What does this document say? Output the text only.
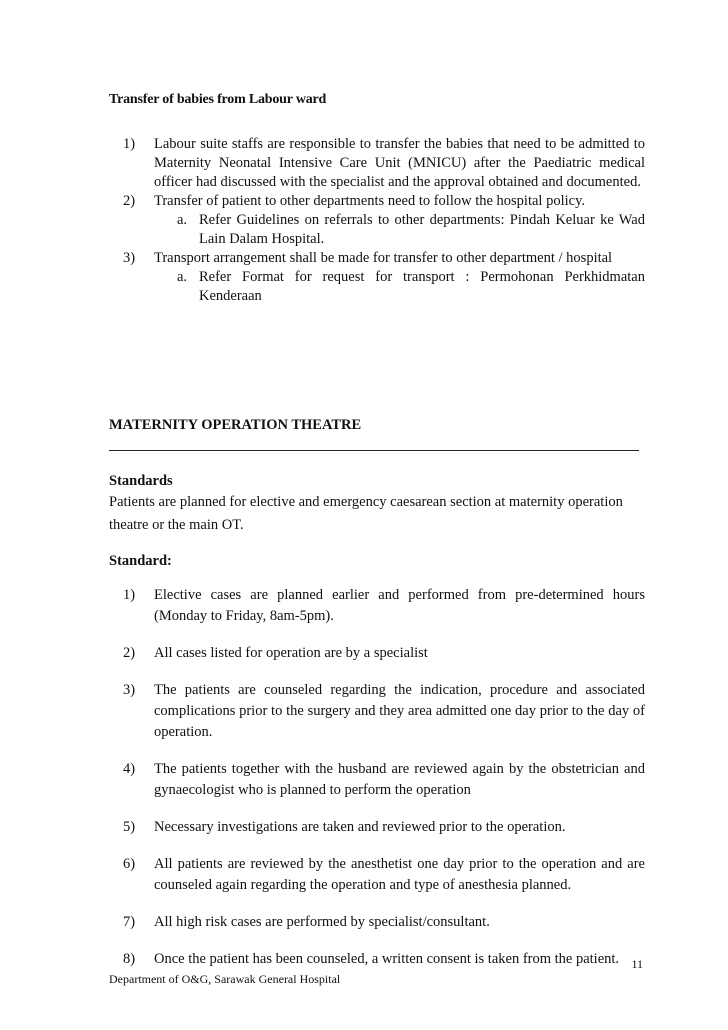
Transfer of babies from Labour ward
1) Labour suite staffs are responsible to transfer the babies that need to be admitted to Maternity Neonatal Intensive Care Unit (MNICU) after the Paediatric medical officer had discussed with the specialist and the approval obtained and documented.
2) Transfer of patient to other departments need to follow the hospital policy.
a. Refer Guidelines on referrals to other departments: Pindah Keluar ke Wad Lain Dalam Hospital.
3) Transport arrangement shall be made for transfer to other department / hospital
a. Refer Format for request for transport : Permohonan Perkhidmatan Kenderaan
MATERNITY OPERATION THEATRE
Standards
Patients are planned for elective and emergency caesarean section at maternity operation theatre or the main OT.
Standard:
1) Elective cases are planned earlier and performed from pre-determined hours (Monday to Friday, 8am-5pm).
2) All cases listed for operation are by a specialist
3) The patients are counseled regarding the indication, procedure and associated complications prior to the surgery and they area admitted one day prior to the day of operation.
4) The patients together with the husband are reviewed again by the obstetrician and gynaecologist who is planned to perform the operation
5) Necessary investigations are taken and reviewed prior to the operation.
6) All patients are reviewed by the anesthetist one day prior to the operation and are counseled again regarding the operation and type of anesthesia planned.
7) All high risk cases are performed by specialist/consultant.
8) Once the patient has been counseled, a written consent is taken from the patient.	11
Department of O&G, Sarawak General Hospital
